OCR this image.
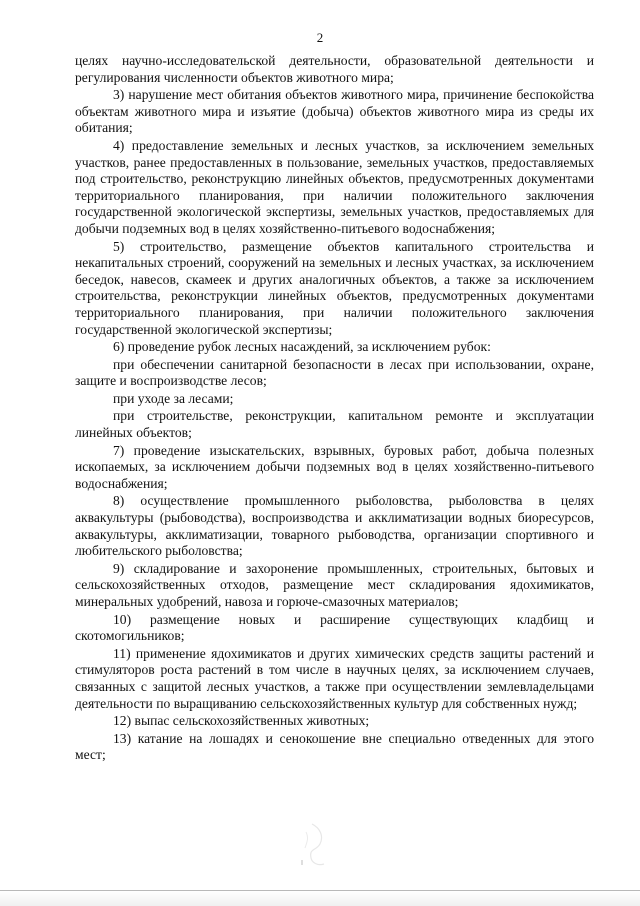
2

целях научно-исследовательской деятельности, образовательной деятельности и регулирования численности объектов животного мира;

3) нарушение мест обитания объектов животного мира, причинение беспокойства объектам животного мира и изъятие (добыча) объектов животного мира из среды их обитания;

4) предоставление земельных и лесных участков, за исключением земельных участков, ранее предоставленных в пользование, земельных участков, предоставляемых под строительство, реконструкцию линейных объектов, предусмотренных документами территориального планирования, при наличии положительного заключения государственной экологической экспертизы, земельных участков, предоставляемых для добычи подземных вод в целях хозяйственно-питьевого водоснабжения;

5) строительство, размещение объектов капитального строительства и некапитальных строений, сооружений на земельных и лесных участках, за исключением беседок, навесов, скамеек и других аналогичных объектов, а также за исключением строительства, реконструкции линейных объектов, предусмотренных документами территориального планирования, при наличии положительного заключения государственной экологической экспертизы;

6) проведение рубок лесных насаждений, за исключением рубок:

при обеспечении санитарной безопасности в лесах при использовании, охране, защите и воспроизводстве лесов;

при уходе за лесами;

при строительстве, реконструкции, капитальном ремонте и эксплуатации линейных объектов;

7) проведение изыскательских, взрывных, буровых работ, добыча полезных ископаемых, за исключением добычи подземных вод в целях хозяйственно-питьевого водоснабжения;

8) осуществление промышленного рыболовства, рыболовства в целях аквакультуры (рыбоводства), воспроизводства и акклиматизации водных биоресурсов, аквакультуры, акклиматизации, товарного рыбоводства, организации спортивного и любительского рыболовства;

9) складирование и захоронение промышленных, строительных, бытовых и сельскохозяйственных отходов, размещение мест складирования ядохимикатов, минеральных удобрений, навоза и горюче-смазочных материалов;

10) размещение новых и расширение существующих кладбищ и скотомогильников;

11) применение ядохимикатов и других химических средств защиты растений и стимуляторов роста растений в том числе в научных целях, за исключением случаев, связанных с защитой лесных участков, а также при осуществлении землевладельцами деятельности по выращиванию сельскохозяйственных культур для собственных нужд;

12) выпас сельскохозяйственных животных;

13) катание на лошадях и сенокошение вне специально отведенных для этого мест;
